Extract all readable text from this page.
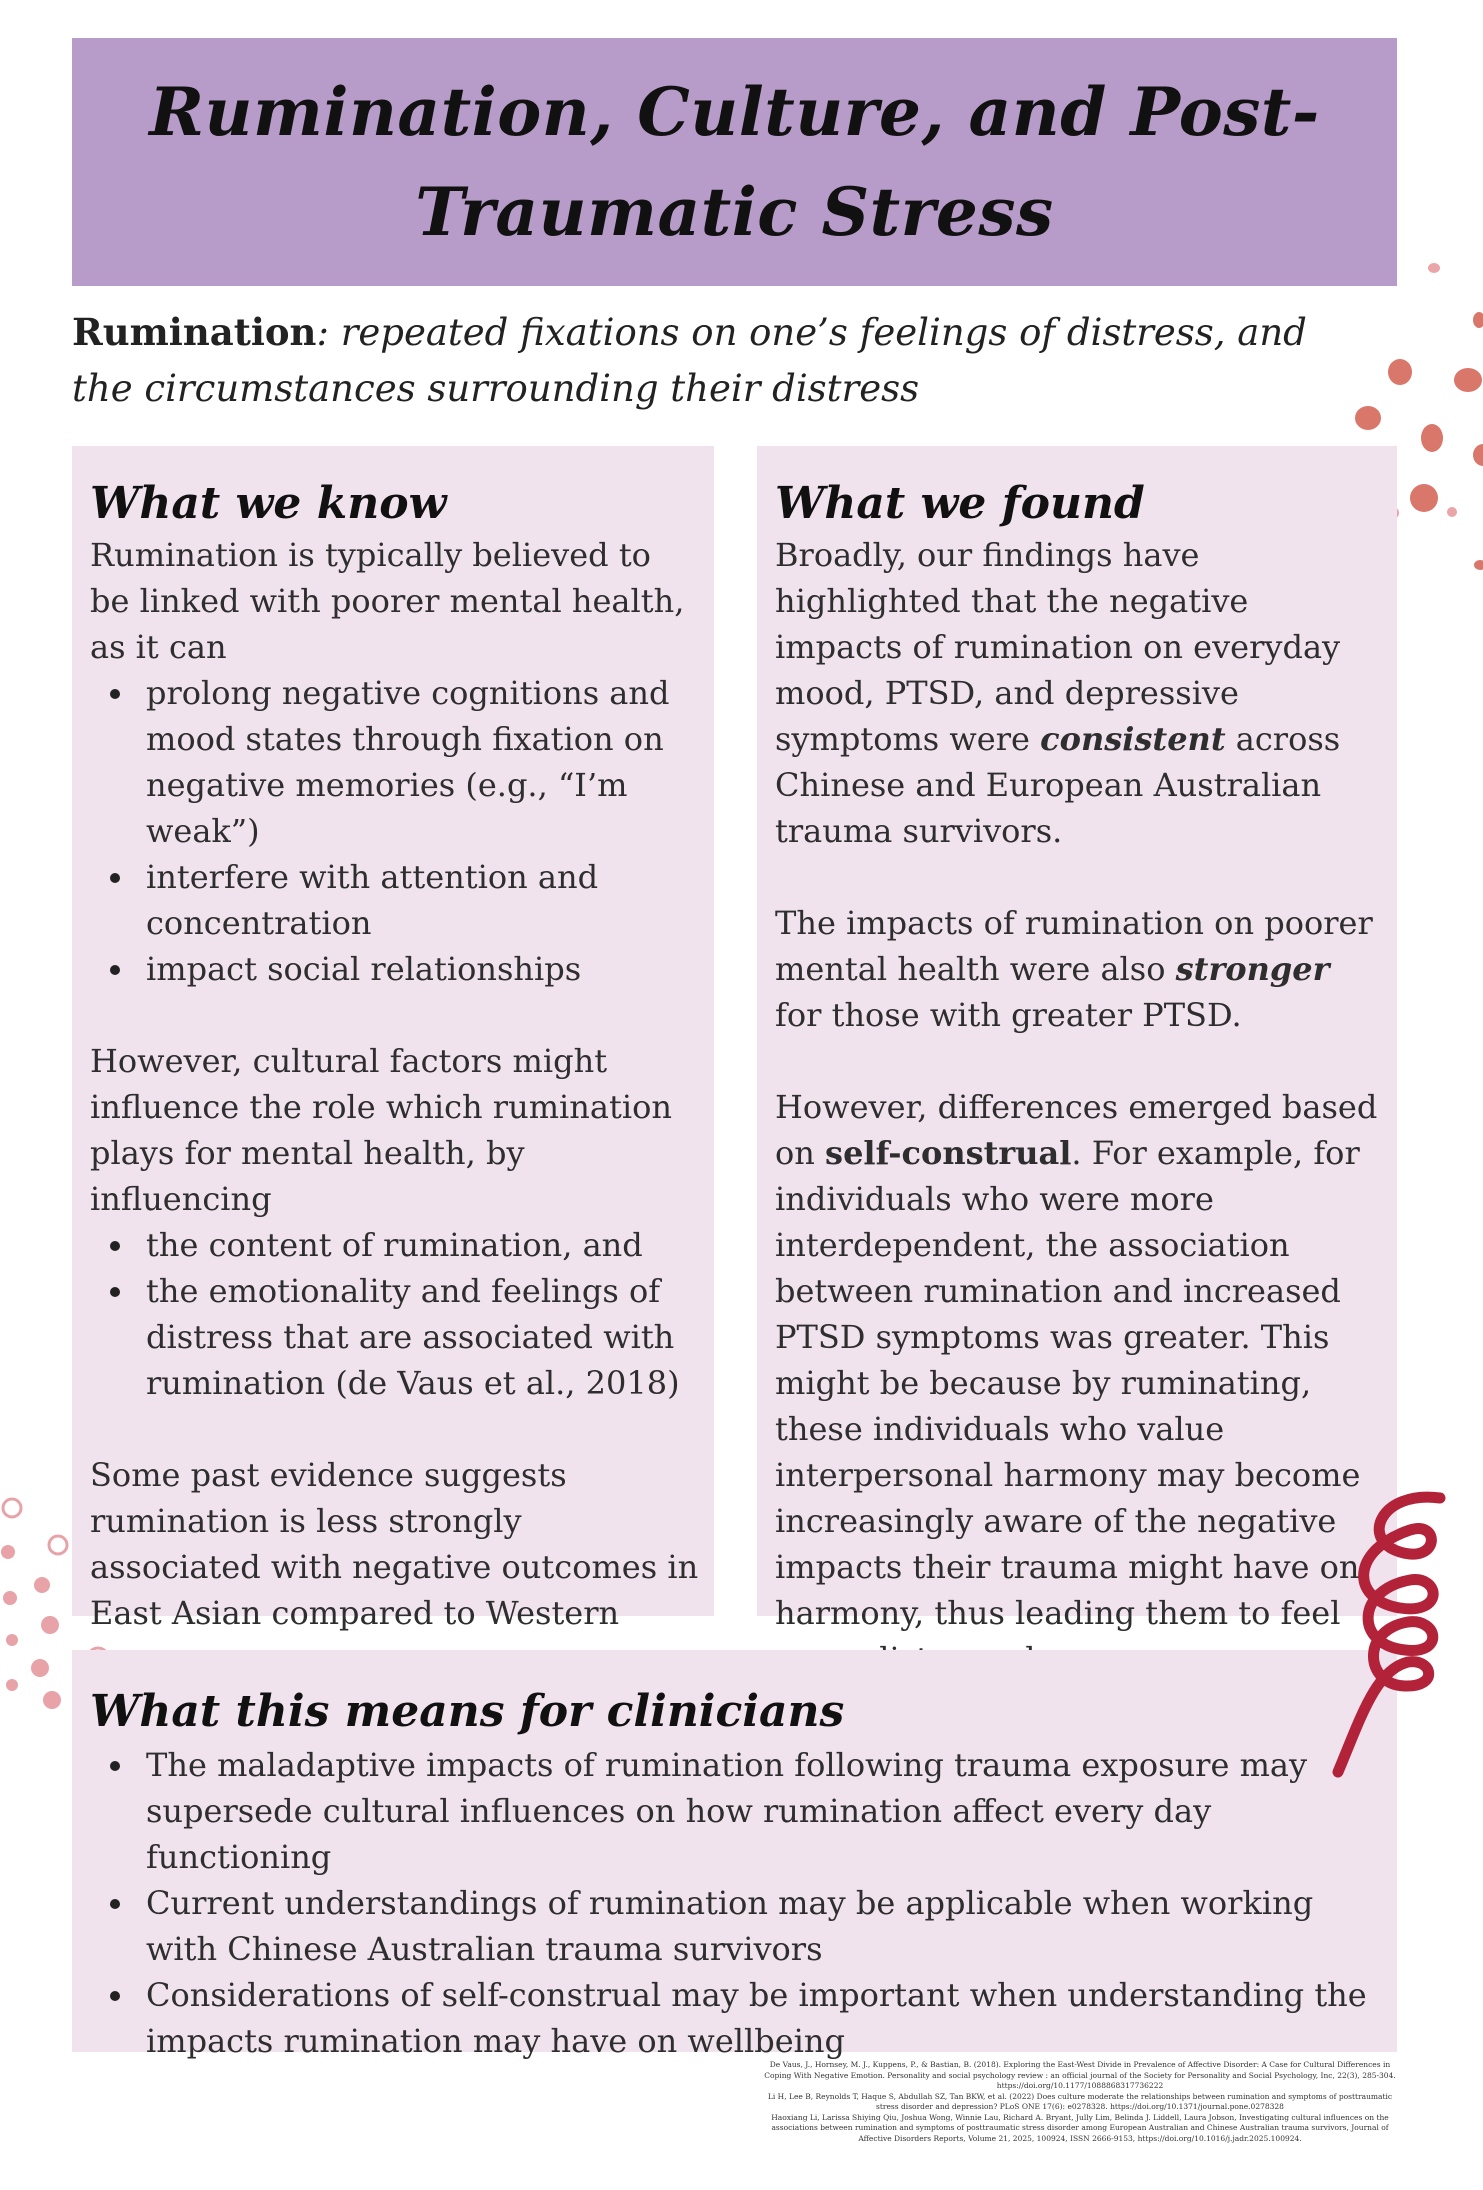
Rumination, Culture, and Post-Traumatic Stress
Rumination: repeated fixations on one’s feelings of distress, and the circumstances surrounding their distress
What we know

Rumination is typically believed to be linked with poorer mental health, as it can

prolong negative cognitions and mood states through fixation on negative memories (e.g., “I’m weak”)
interfere with attention and concentration
impact social relationships

However, cultural factors might influence the role which rumination plays for mental health, by influencing

the content of rumination, and
the emotionality and feelings of distress that are associated with rumination (de Vaus et al., 2018)

Some past evidence suggests rumination is less strongly associated with negative outcomes in East Asian compared to Western

What we found

Broadly, our findings have highlighted that the negative impacts of rumination on everyday mood, PTSD, and depressive symptoms were consistent across Chinese and European Australian trauma survivors.

The impacts of rumination on poorer mental health were also stronger for those with greater PTSD.

However, differences emerged based on self-construal. For example, for individuals who were more interdependent, the association between rumination and increased PTSD symptoms was greater. This might be because by ruminating, these individuals who value interpersonal harmony may become increasingly aware of the negative impacts their trauma might have on harmony, thus leading them to feel

What this means for clinicians
The maladaptive impacts of rumination following trauma exposure may supersede cultural influences on how rumination affect every day functioning
Current understandings of rumination may be applicable when working with Chinese Australian trauma survivors
Considerations of self-construal may be important when understanding the impacts rumination may have on wellbeing

De Vaus, J., Hornsey, M. J., Kuppens, P., & Bastian, B. (2018). Exploring the East-West Divide in Prevalence of Affective Disorder: A Case for Cultural Differences in Coping With Negative Emotion. Personality and social psychology review : an official journal of the Society for Personality and Social Psychology, Inc, 22(3), 285-304. https://doi.org/10.1177/1088868317736222

Li H, Lee B, Reynolds T, Haque S, Abdullah SZ, Tan BKW, et al. (2022) Does culture moderate the relationships between rumination and symptoms of posttraumatic stress disorder and depression? PLoS ONE 17(6): e0278328. https://doi.org/10.1371/journal.pone.0278328

Haoxiang Li, Larissa Shiying Qiu, Joshua Wong, Winnie Lau, Richard A. Bryant, Jully Lim, Belinda J. Liddell, Laura Jobson, Investigating cultural influences on the associations between rumination and symptoms of posttraumatic stress disorder among European Australian and Chinese Australian trauma survivors, Journal of Affective Disorders Reports, Volume 21, 2025, 100924, ISSN 2666-9153, https://doi.org/10.1016/j.jadr.2025.100924.
